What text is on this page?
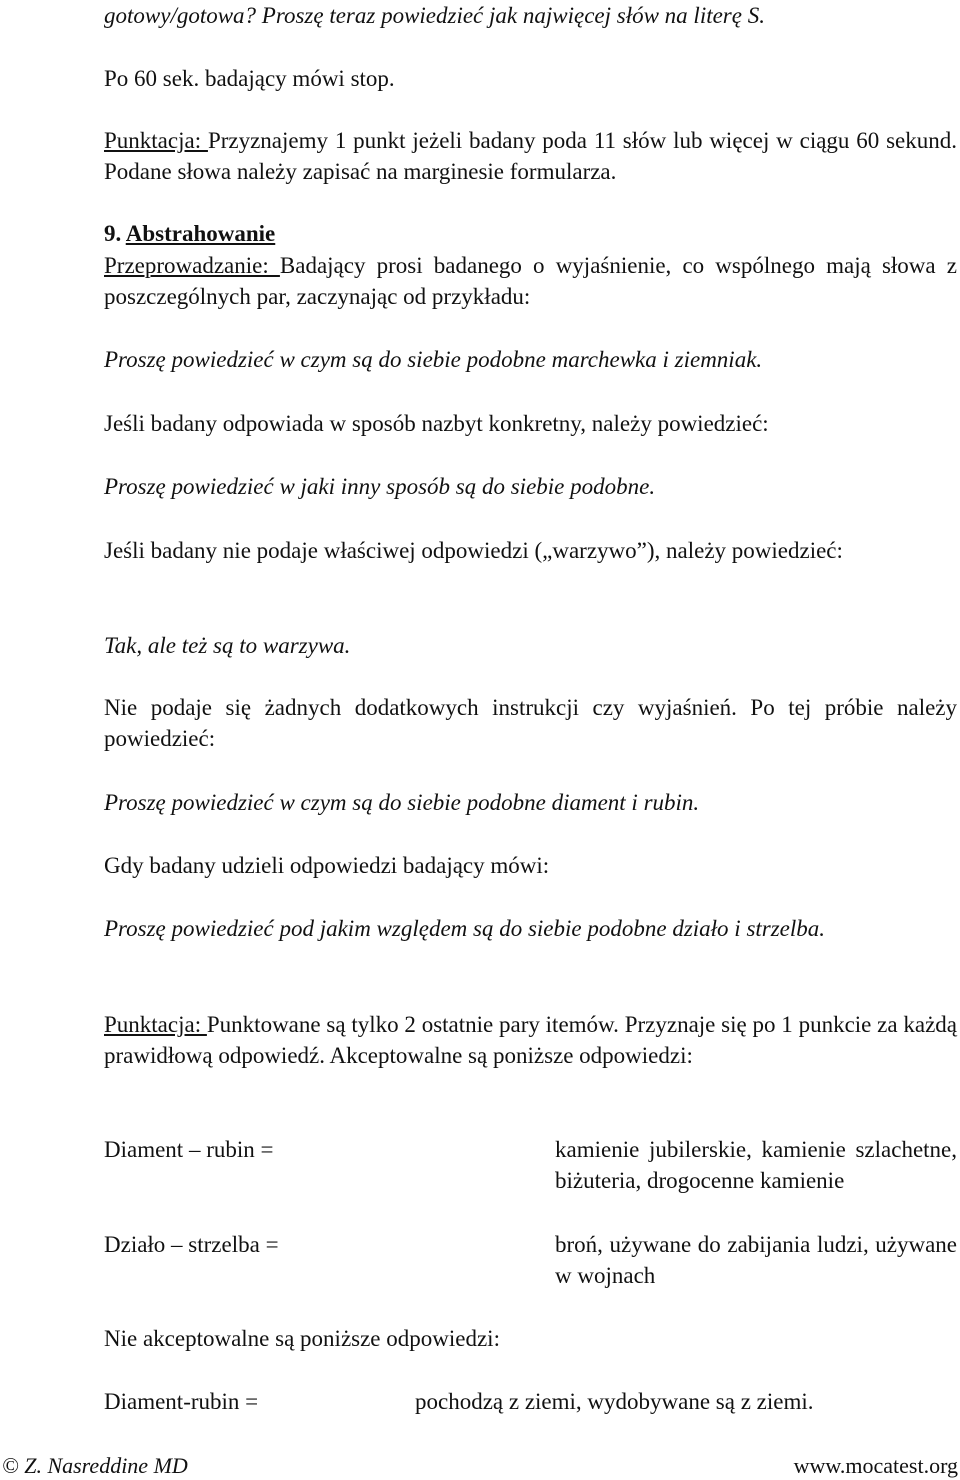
gotowy/gotowa? Proszę teraz powiedzieć jak najwięcej słów na literę S.

Po 60 sek. badający mówi stop.

Punktacja: Przyznajemy 1 punkt jeżeli badany poda 11 słów lub więcej w ciągu 60 sekund. Podane słowa należy zapisać na marginesie formularza.

9. Abstrahowanie

Przeprowadzanie: Badający prosi badanego o wyjaśnienie, co wspólnego mają słowa z poszczególnych par, zaczynając od przykładu:

Proszę powiedzieć w czym są do siebie podobne marchewka i ziemniak.

Jeśli badany odpowiada w sposób nazbyt konkretny, należy powiedzieć:

Proszę powiedzieć w jaki inny sposób są do siebie podobne.

Jeśli badany nie podaje właściwej odpowiedzi („warzywo”), należy powiedzieć:

Tak, ale też są to warzywa.

Nie podaje się żadnych dodatkowych instrukcji czy wyjaśnień. Po tej próbie należy powiedzieć:

Proszę powiedzieć w czym są do siebie podobne diament i rubin.

Gdy badany udzieli odpowiedzi badający mówi:

Proszę powiedzieć pod jakim względem są do siebie podobne działo i strzelba.

Punktacja: Punktowane są tylko 2 ostatnie pary itemów. Przyznaje się po 1 punkcie za każdą prawidłową odpowiedź. Akceptowalne są poniższe odpowiedzi:

Diament – rubin =	kamienie jubilerskie, kamienie szlachetne, biżuteria, drogocenne kamienie
Działo – strzelba =	broń, używane do zabijania ludzi, używane w wojnach

Nie akceptowalne są poniższe odpowiedzi:

Diament-rubin =	pochodzą z ziemi, wydobywane są z ziemi.
© Z. Nasreddine MD	www.mocatest.org
